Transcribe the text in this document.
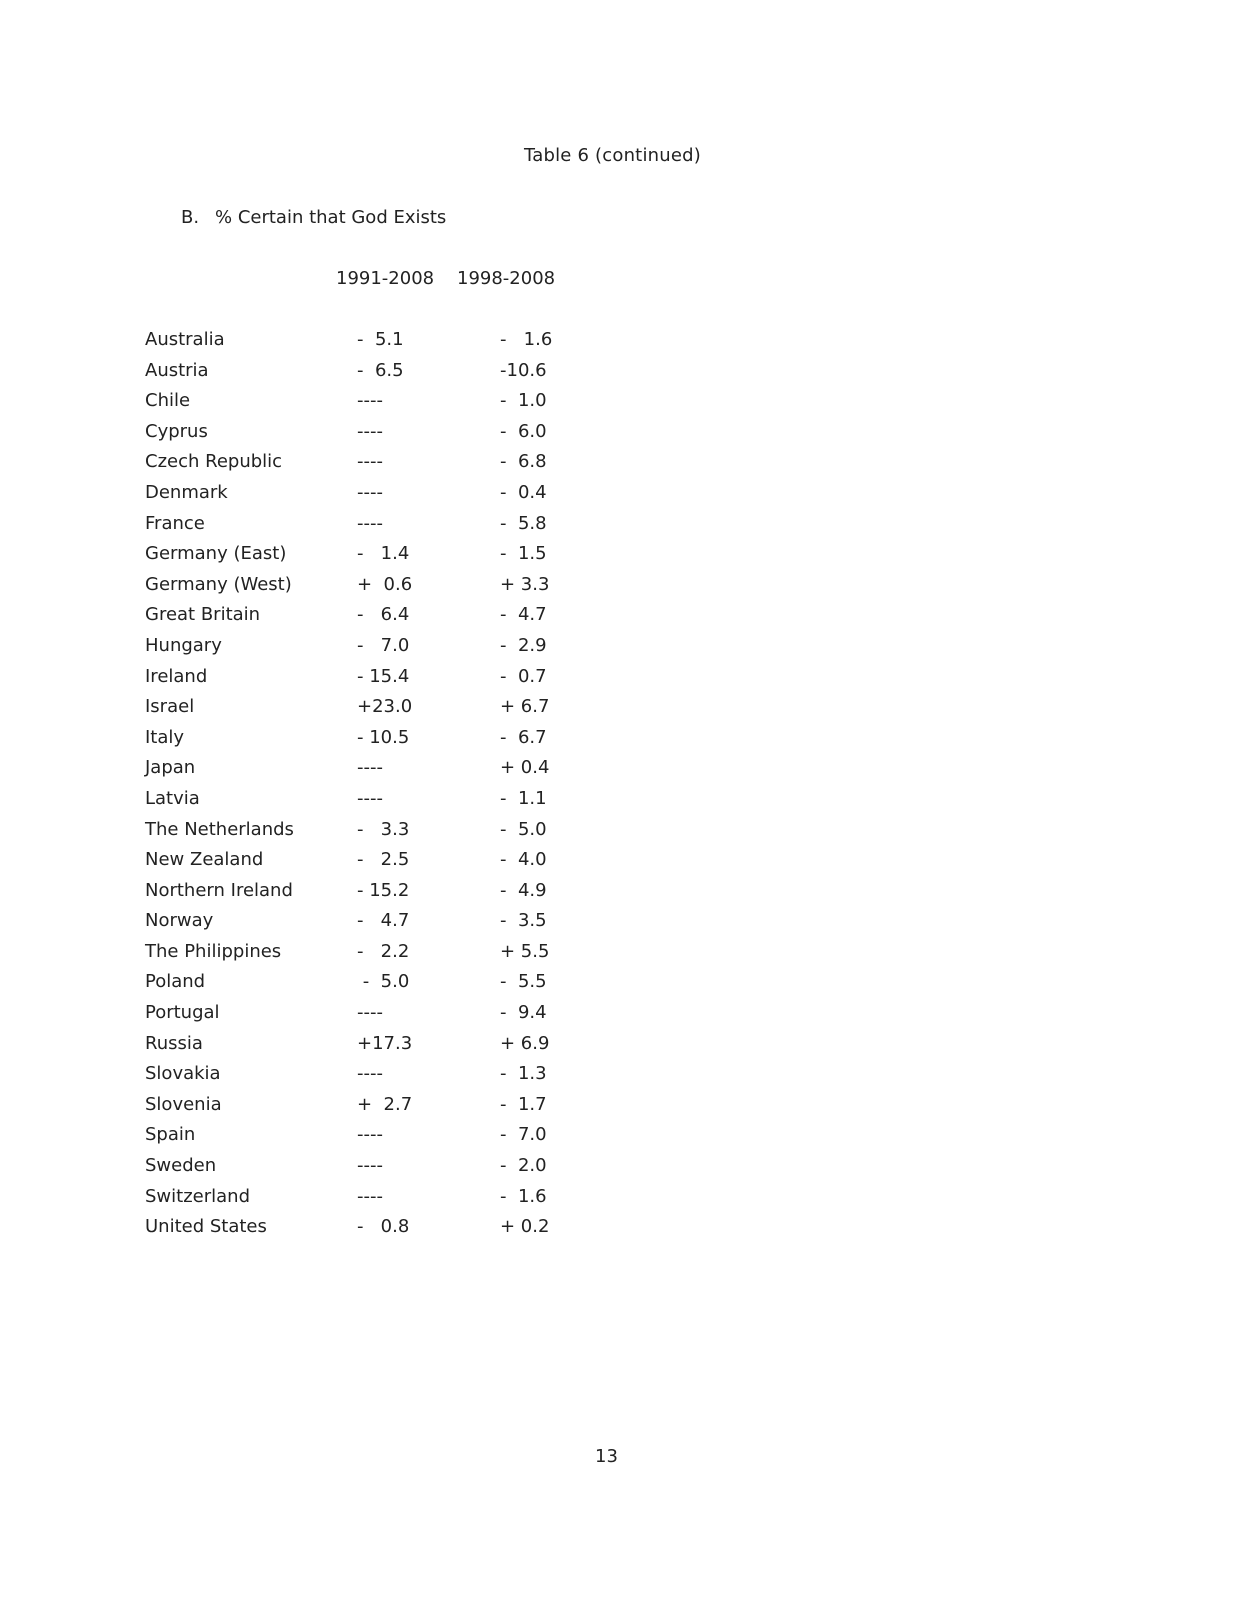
Table 6 (continued)
B. % Certain that God Exists
1991-2008 1998-2008
Australia	-  5.1	-   1.6
Austria	-  6.5	-10.6
Chile	----	-  1.0
Cyprus	----	-  6.0
Czech Republic	----	-  6.8
Denmark	----	-  0.4
France	----	-  5.8
Germany (East)	-   1.4	-  1.5
Germany (West)	+  0.6	+ 3.3
Great Britain	-   6.4	-  4.7
Hungary	-   7.0	-  2.9
Ireland	- 15.4	-  0.7
Israel	+23.0	+ 6.7
Italy	- 10.5	-  6.7
Japan	----	+ 0.4
Latvia	----	-  1.1
The Netherlands	-   3.3	-  5.0
New Zealand	-   2.5	-  4.0
Northern Ireland	- 15.2	-  4.9
Norway	-   4.7	-  3.5
The Philippines	-   2.2	+ 5.5
Poland	-  5.0	-  5.5
Portugal	----	-  9.4
Russia	+17.3	+ 6.9
Slovakia	----	-  1.3
Slovenia	+  2.7	-  1.7
Spain	----	-  7.0
Sweden	----	-  2.0
Switzerland	----	-  1.6
United States	-   0.8	+ 0.2
13
